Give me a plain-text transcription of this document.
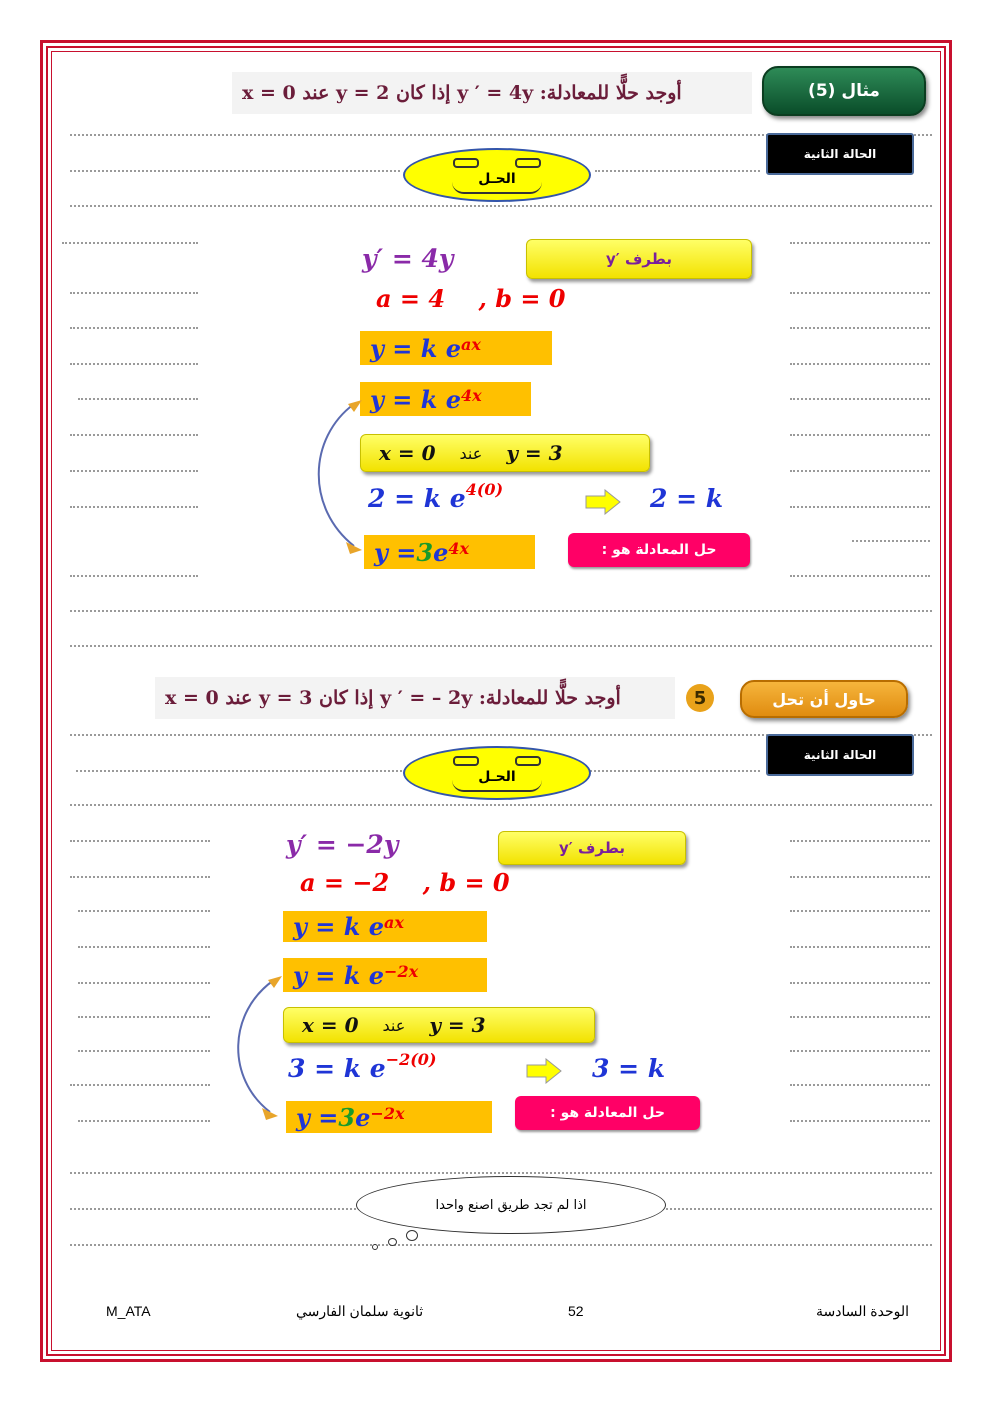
أوجد حلًّا للمعادلة: y ′ = 4y إذا كان y = 2 عند x = 0	مثال (5)
الحالة الثانية
الحـل
y′ = 4y	y′ بطرف
a = 4    , b = 0
y = k $e^{ax}$
y = k $e^{4x}$
x = 0 عند y = 3
2 = k $e^{4(0)}$	2 = k
y = 3 $e^{4x}$	حل المعادلة هو :
أوجد حلًّا للمعادلة: y ′ = – 2y إذا كان y = 3 عند x = 0	5	حاول أن تحل
الحالة الثانية
الحـل
y′ = −2y	y′ بطرف
a = −2    , b = 0
y = k $e^{ax}$
y = k $e^{-2x}$
x = 0 عند y = 3
3 = k $e^{-2(0)}$	3 = k
y = 3 $e^{-2x}$	حل المعادلة هو :
اذا لم تجد طريق اصنع واحدا
M_ATA	ثانوية سلمان الفارسي	52	الوحدة السادسة
